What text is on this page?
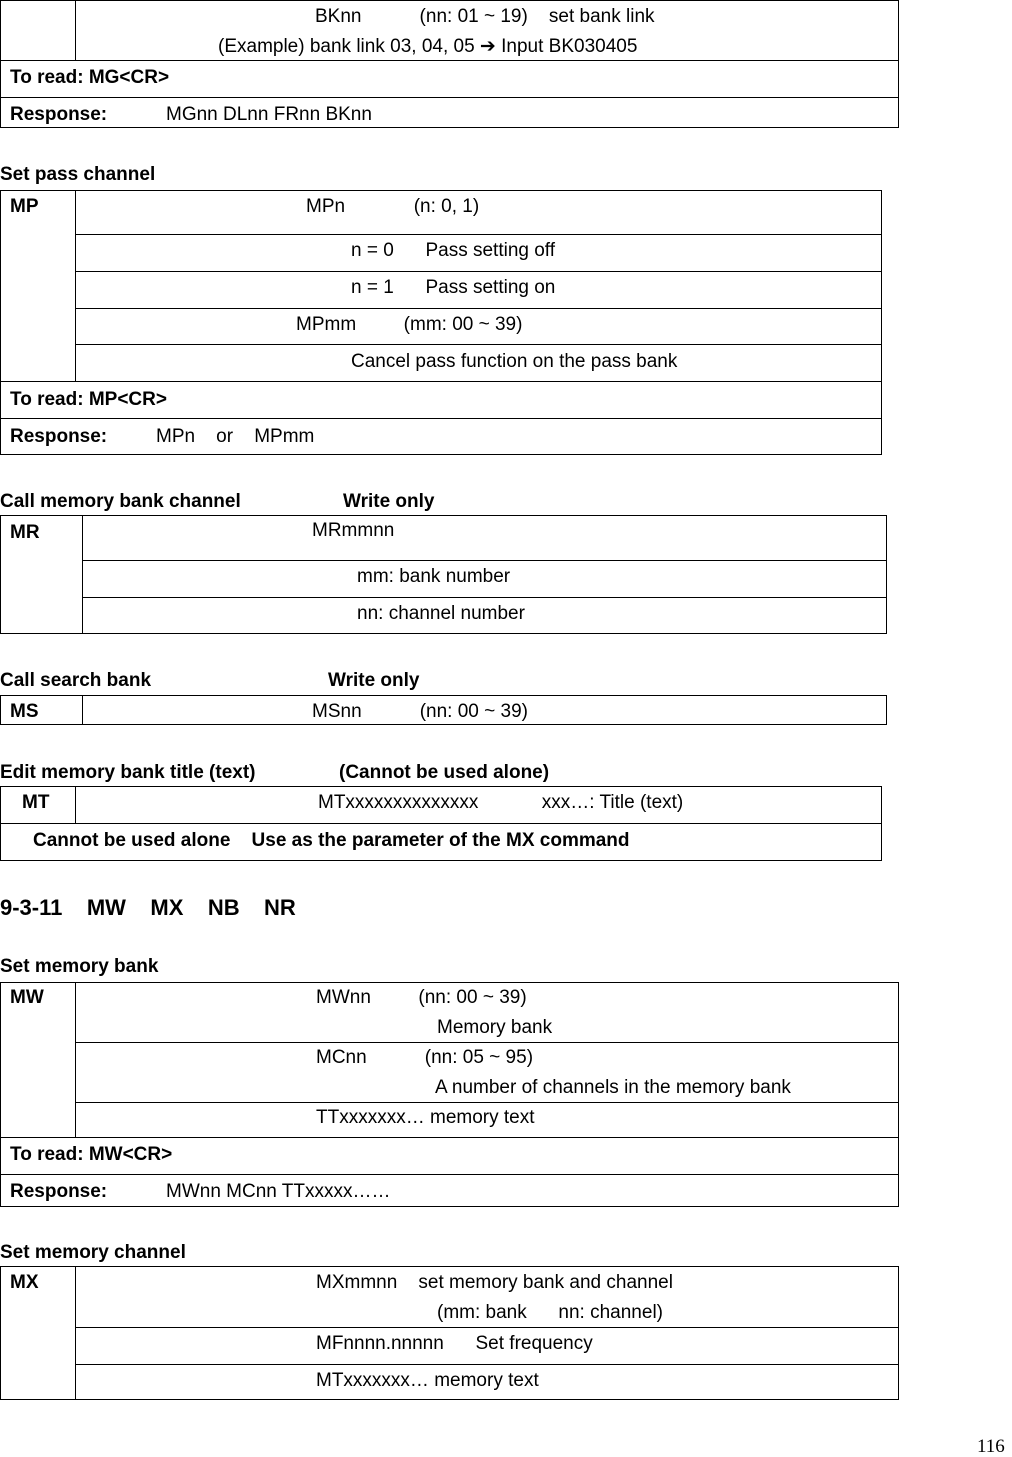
BKnn           (nn: 01 ~ 19)    set bank link
(Example) bank link 03, 04, 05 ➔ Input BK030405
To read: MG<CR>
Response:	MGnn DLnn FRnn BKnn
Set pass channel
MP	MPn             (n: 0, 1)
n = 0      Pass setting off
n = 1      Pass setting on
MPmm         (mm: 00 ~ 39)
Cancel pass function on the pass bank
To read: MP<CR>
Response:	MPn    or    MPmm
Call memory bank channel	Write only
MR	MRmmnn
mm: bank number
nn: channel number
Call search bank	Write only
MS	MSnn           (nn: 00 ~ 39)
Edit memory bank title (text)	(Cannot be used alone)
MT	MTxxxxxxxxxxxxxx            xxx…: Title (text)
Cannot be used alone    Use as the parameter of the MX command
9-3-11    MW    MX    NB    NR
Set memory bank
MW	MWnn         (nn: 00 ~ 39)
Memory bank
MCnn           (nn: 05 ~ 95)
A number of channels in the memory bank
TTxxxxxxx… memory text
To read: MW<CR>
Response:	MWnn MCnn TTxxxxx……
Set memory channel
MX	MXmmnn    set memory bank and channel
(mm: bank      nn: channel)
MFnnnn.nnnnn      Set frequency
MTxxxxxxx… memory text
116
